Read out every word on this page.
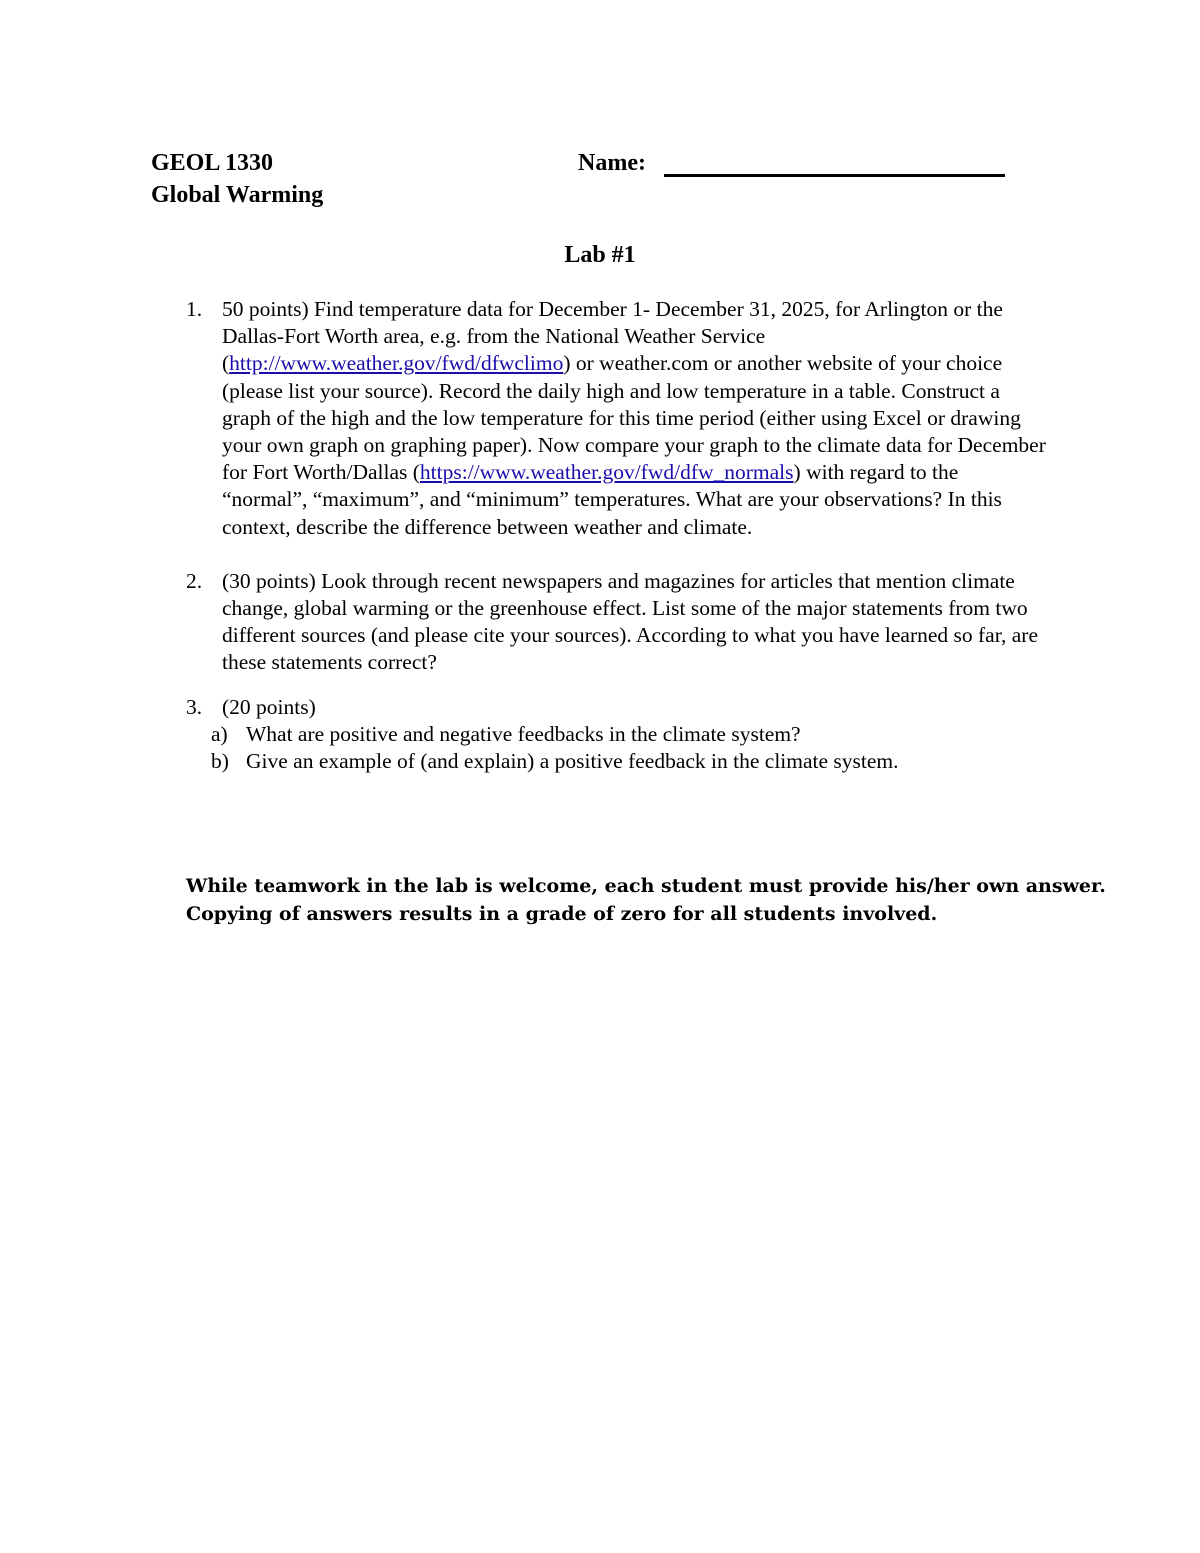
GEOL 1330
Global Warming
Name:
Lab #1
1. 50 points) Find temperature data for December 1- December 31, 2025, for Arlington or the Dallas-Fort Worth area, e.g. from the National Weather Service (http://www.weather.gov/fwd/dfwclimo) or weather.com or another website of your choice (please list your source). Record the daily high and low temperature in a table. Construct a graph of the high and the low temperature for this time period (either using Excel or drawing your own graph on graphing paper). Now compare your graph to the climate data for December for Fort Worth/Dallas (https://www.weather.gov/fwd/dfw_normals) with regard to the “normal”, “maximum”, and “minimum” temperatures. What are your observations? In this context, describe the difference between weather and climate.
2. (30 points) Look through recent newspapers and magazines for articles that mention climate change, global warming or the greenhouse effect. List some of the major statements from two different sources (and please cite your sources). According to what you have learned so far, are these statements correct?
3. (20 points)
a) What are positive and negative feedbacks in the climate system?
b) Give an example of (and explain) a positive feedback in the climate system.
While teamwork in the lab is welcome, each student must provide his/her own answer.
Copying of answers results in a grade of zero for all students involved.
